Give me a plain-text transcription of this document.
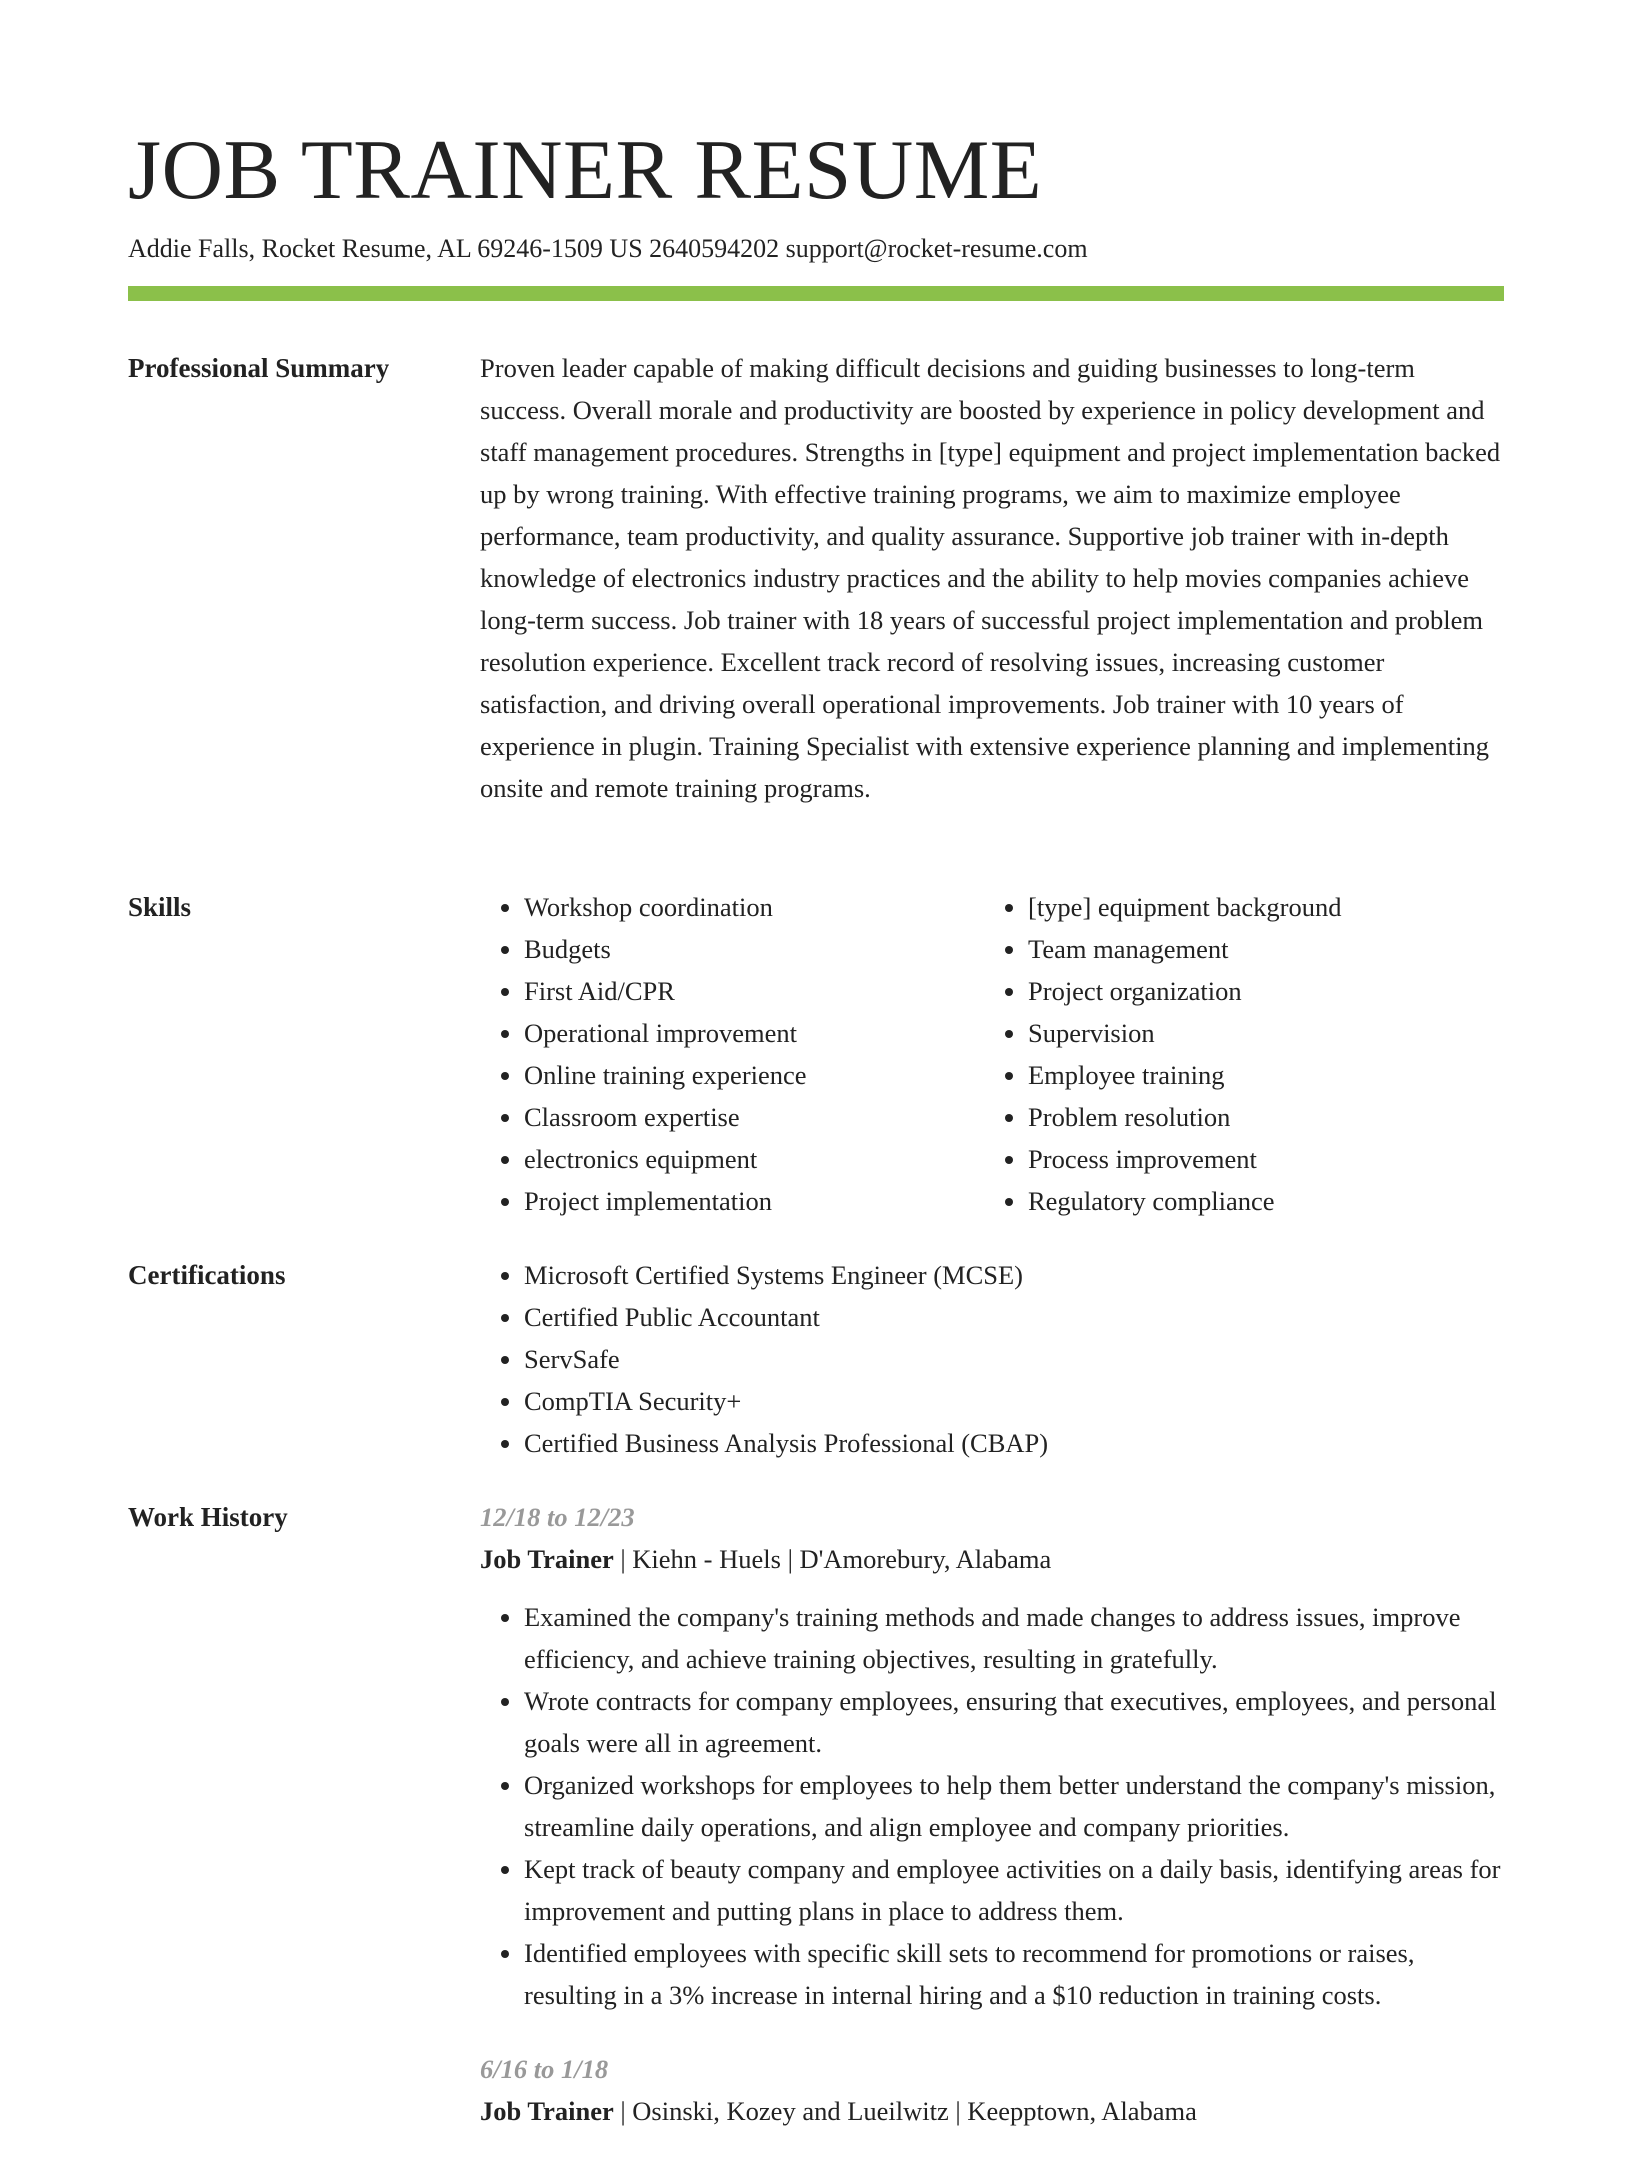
JOB TRAINER RESUME
Addie Falls, Rocket Resume, AL 69246-1509 US 2640594202 support@rocket-resume.com
Professional Summary	Proven leader capable of making difficult decisions and guiding businesses to long-term success. Overall morale and productivity are boosted by experience in policy development and staff management procedures. Strengths in [type] equipment and project implementation backed up by wrong training. With effective training programs, we aim to maximize employee performance, team productivity, and quality assurance. Supportive job trainer with in-depth knowledge of electronics industry practices and the ability to help movies companies achieve long-term success. Job trainer with 18 years of successful project implementation and problem resolution experience. Excellent track record of resolving issues, increasing customer satisfaction, and driving overall operational improvements. Job trainer with 10 years of experience in plugin. Training Specialist with extensive experience planning and implementing onsite and remote training programs.

Skills	• Workshop coordination
• Budgets
• First Aid/CPR
• Operational improvement
• Online training experience
• Classroom expertise
• electronics equipment
• Project implementation
• [type] equipment background
• Team management
• Project organization
• Supervision
• Employee training
• Problem resolution
• Process improvement
• Regulatory compliance
Certifications	• Microsoft Certified Systems Engineer (MCSE)
• Certified Public Accountant
• ServSafe
• CompTIA Security+
• Certified Business Analysis Professional (CBAP)
Work History	12/18 to 12/23
Job Trainer | Kiehn - Huels | D'Amorebury, Alabama
• Examined the company's training methods and made changes to address issues, improve efficiency, and achieve training objectives, resulting in gratefully.
• Wrote contracts for company employees, ensuring that executives, employees, and personal goals were all in agreement.
• Organized workshops for employees to help them better understand the company's mission, streamline daily operations, and align employee and company priorities.
• Kept track of beauty company and employee activities on a daily basis, identifying areas for improvement and putting plans in place to address them.
• Identified employees with specific skill sets to recommend for promotions or raises, resulting in a 3% increase in internal hiring and a $10 reduction in training costs.
6/16 to 1/18
Job Trainer | Osinski, Kozey and Lueilwitz | Keepptown, Alabama
